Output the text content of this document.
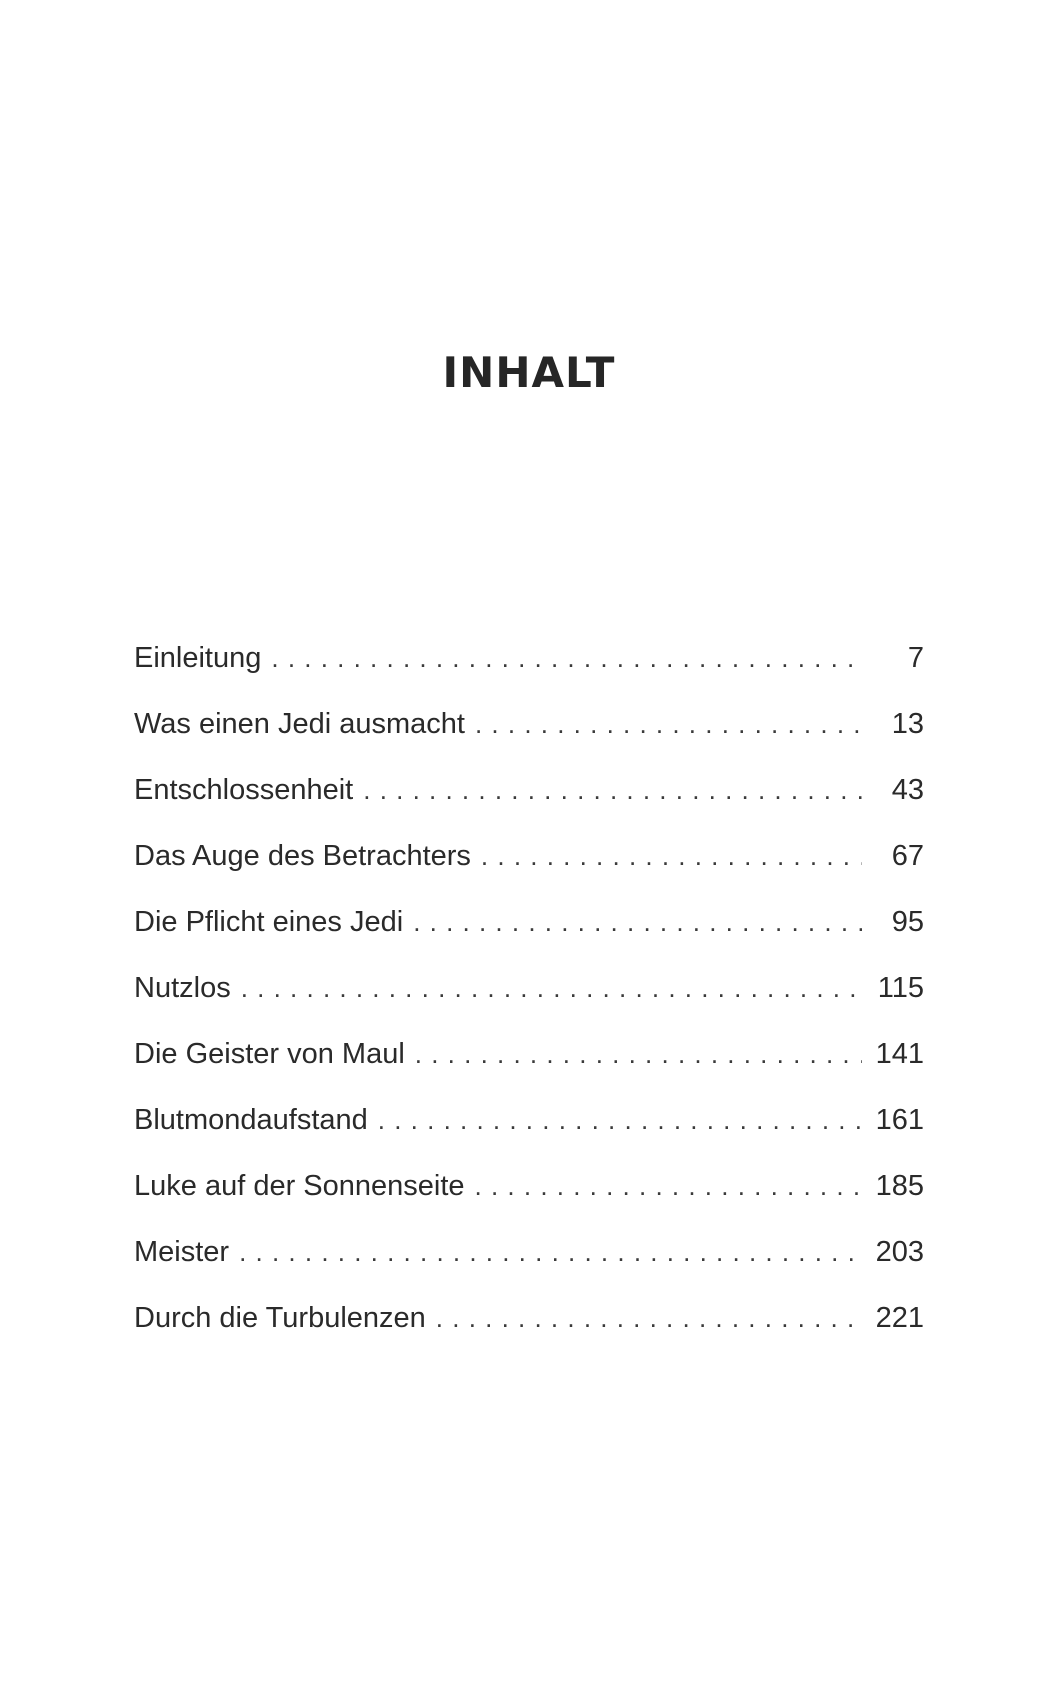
INHALT
Einleitung . . .	7
Was einen Jedi ausmacht . . .	13
Entschlossenheit . . .	43
Das Auge des Betrachters . . .	67
Die Pflicht eines Jedi . . .	95
Nutzlos . . .	115
Die Geister von Maul . . .	141
Blutmondaufstand . . .	161
Luke auf der Sonnenseite . . .	185
Meister . . .	203
Durch die Turbulenzen . . .	221
